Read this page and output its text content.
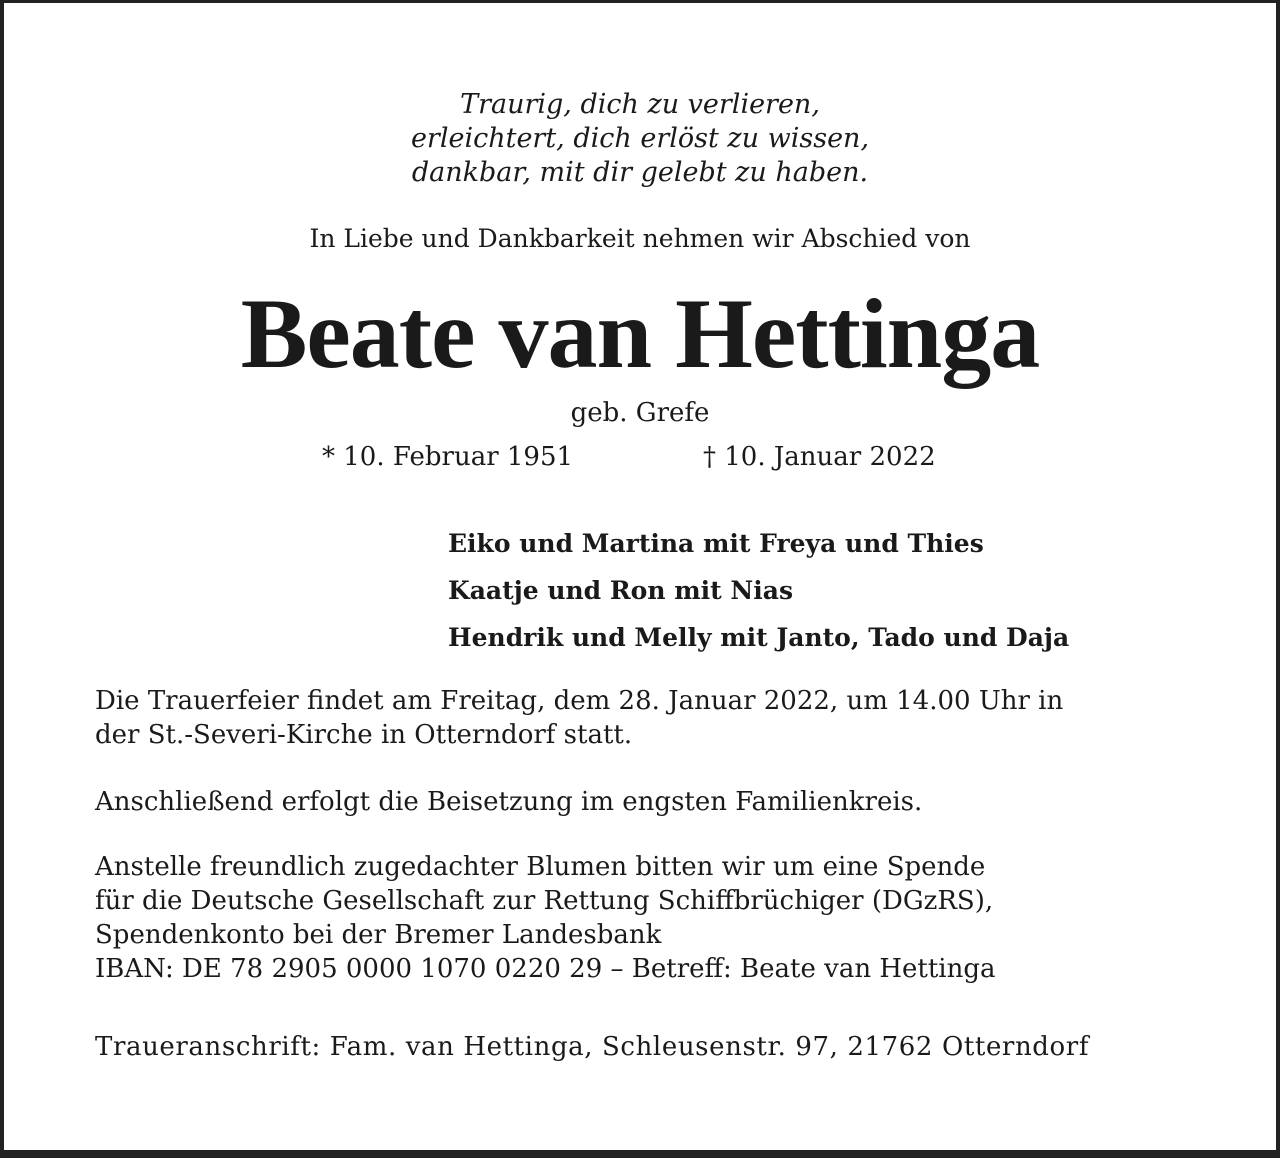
Traurig, dich zu verlieren,
erleichtert, dich erlöst zu wissen,
dankbar, mit dir gelebt zu haben.
In Liebe und Dankbarkeit nehmen wir Abschied von
Beate van Hettinga
geb. Grefe
* 10. Februar 1951	† 10. Januar 2022
Eiko und Martina mit Freya und Thies
Kaatje und Ron mit Nias
Hendrik und Melly mit Janto, Tado und Daja
Die Trauerfeier findet am Freitag, dem 28. Januar 2022, um 14.00 Uhr in
der St.-Severi-Kirche in Otterndorf statt.
Anschließend erfolgt die Beisetzung im engsten Familienkreis.
Anstelle freundlich zugedachter Blumen bitten wir um eine Spende
für die Deutsche Gesellschaft zur Rettung Schiffbrüchiger (DGzRS),
Spendenkonto bei der Bremer Landesbank
IBAN: DE 78 2905 0000 1070 0220 29 – Betreff: Beate van Hettinga
Traueranschrift: Fam. van Hettinga, Schleusenstr. 97, 21762 Otterndorf
